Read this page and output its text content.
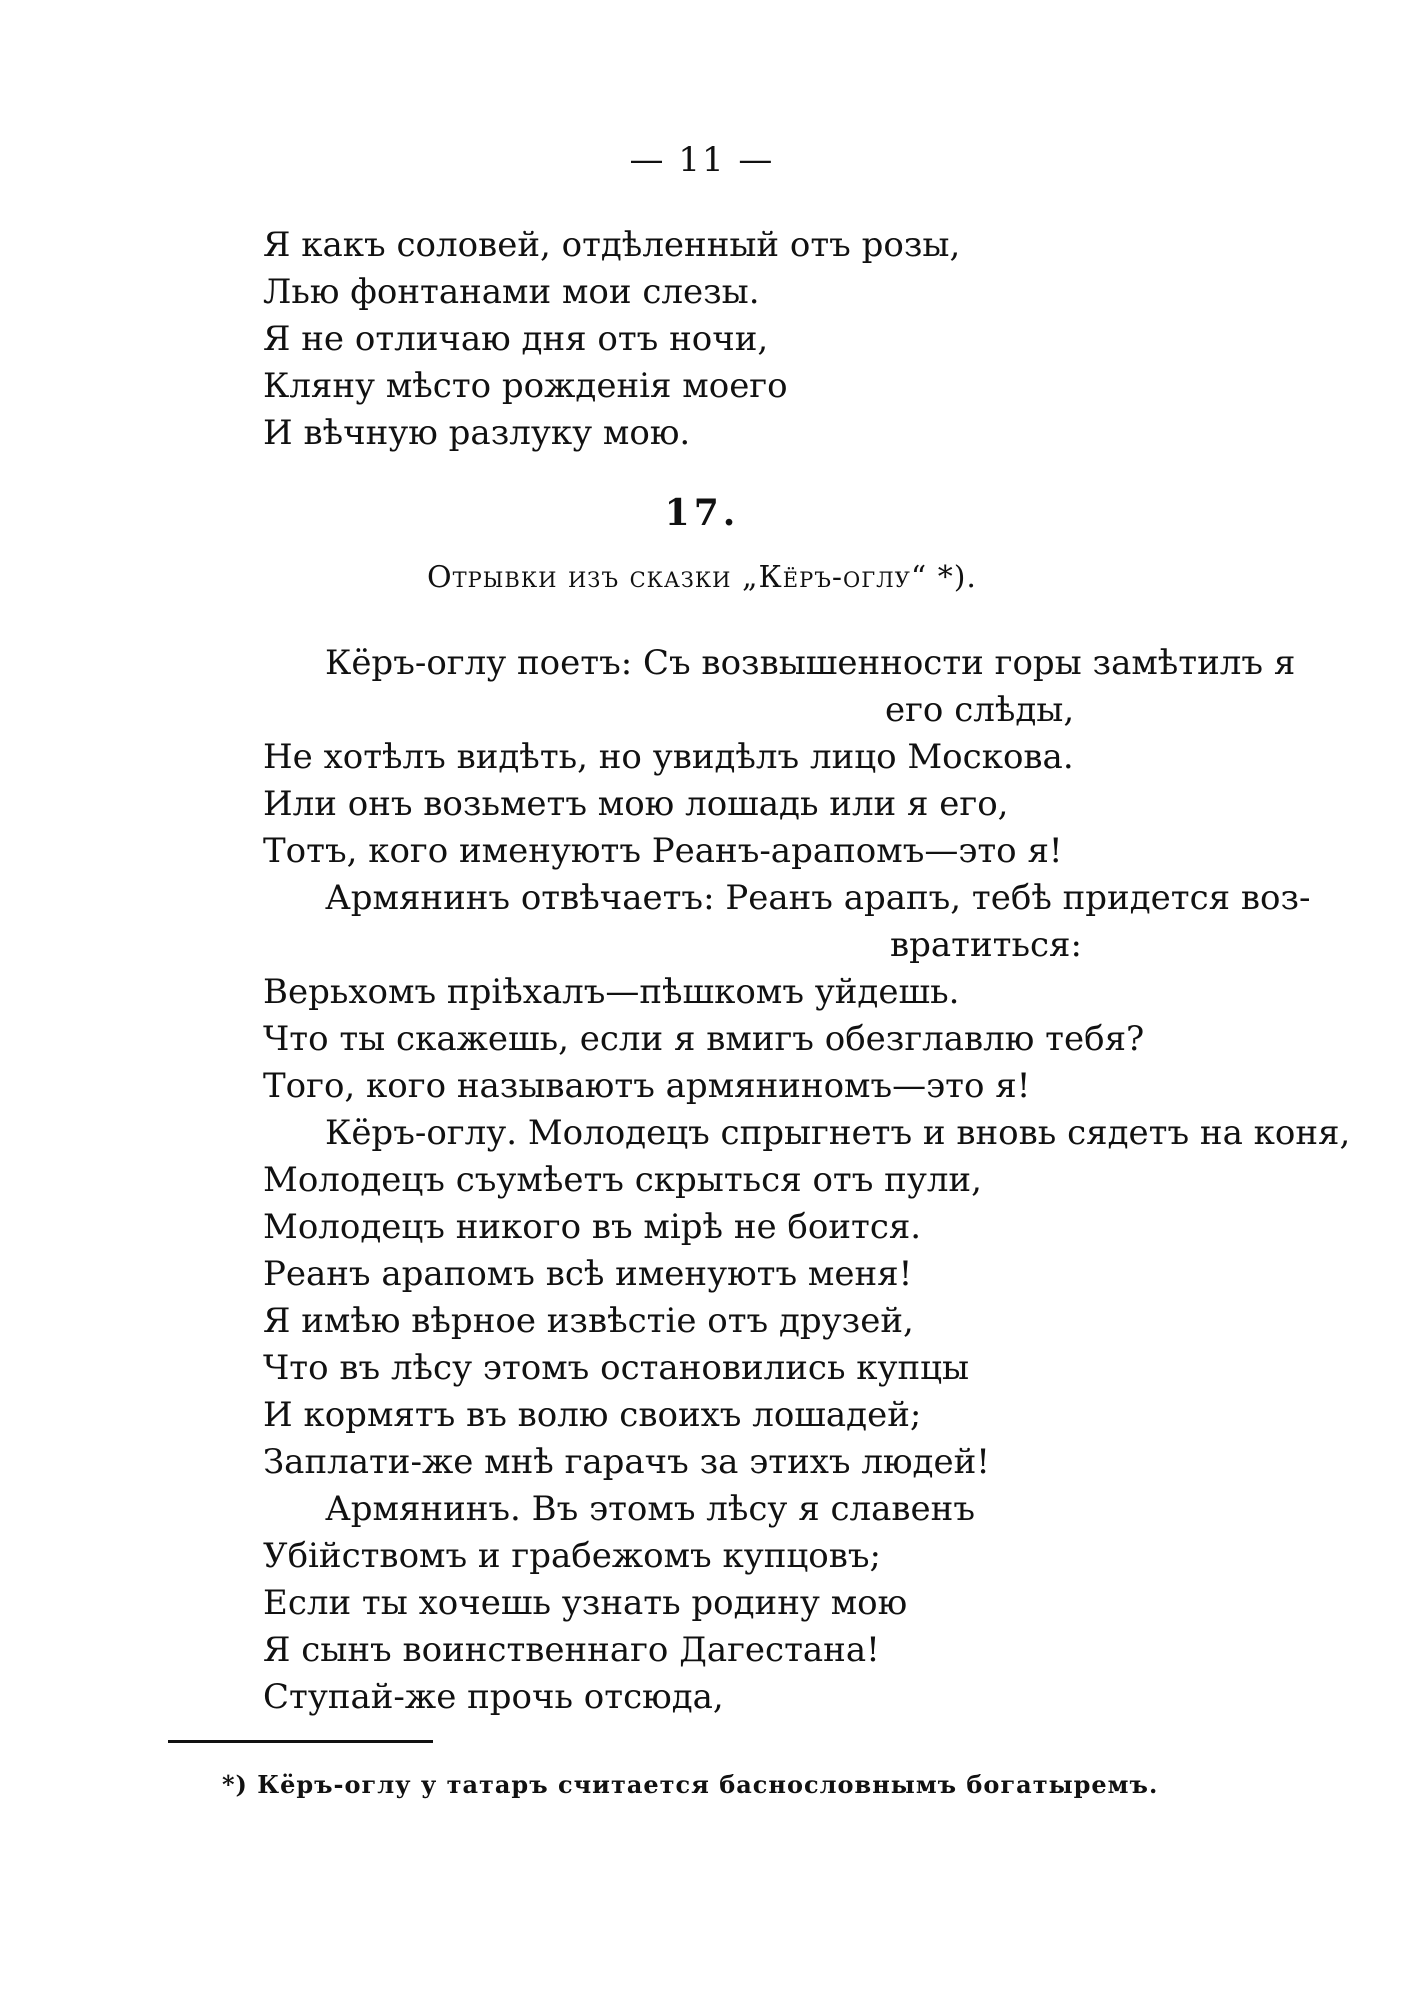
— 11 —
Я какъ соловей, отдѣленный отъ розы,
Лью фонтанами мои слезы.
Я не отличаю дня отъ ночи,
Кляну мѣсто рожденія моего
И вѣчную разлуку мою.
17.
Отрывки изъ сказки „Кёръ-оглу“ *).
Кёръ-оглу поетъ: Съ возвышенности горы замѣтилъ я
его слѣды,
Не хотѣлъ видѣть, но увидѣлъ лицо Москова.
Или онъ возьметъ мою лошадь или я его,
Тотъ, кого именуютъ Реанъ-арапомъ—это я!
Армянинъ отвѣчаетъ: Реанъ арапъ, тебѣ придется воз-
вратиться:
Верьхомъ пріѣхалъ—пѣшкомъ уйдешь.
Что ты скажешь, если я вмигъ обезглавлю тебя?
Того, кого называютъ армяниномъ—это я!
Кёръ-оглу. Молодецъ спрыгнетъ и вновь сядетъ на коня,
Молодецъ съумѣетъ скрыться отъ пули,
Молодецъ никого въ мірѣ не боится.
Реанъ арапомъ всѣ именуютъ меня!
Я имѣю вѣрное извѣстіе отъ друзей,
Что въ лѣсу этомъ остановились купцы
И кормятъ въ волю своихъ лошадей;
Заплати-же мнѣ гарачъ за этихъ людей!
Армянинъ. Въ этомъ лѣсу я славенъ
Убійствомъ и грабежомъ купцовъ;
Если ты хочешь узнать родину мою
Я сынъ воинственнаго Дагестана!
Ступай-же прочь отсюда,
*) Кёръ-оглу у татаръ считается баснословнымъ богатыремъ.
